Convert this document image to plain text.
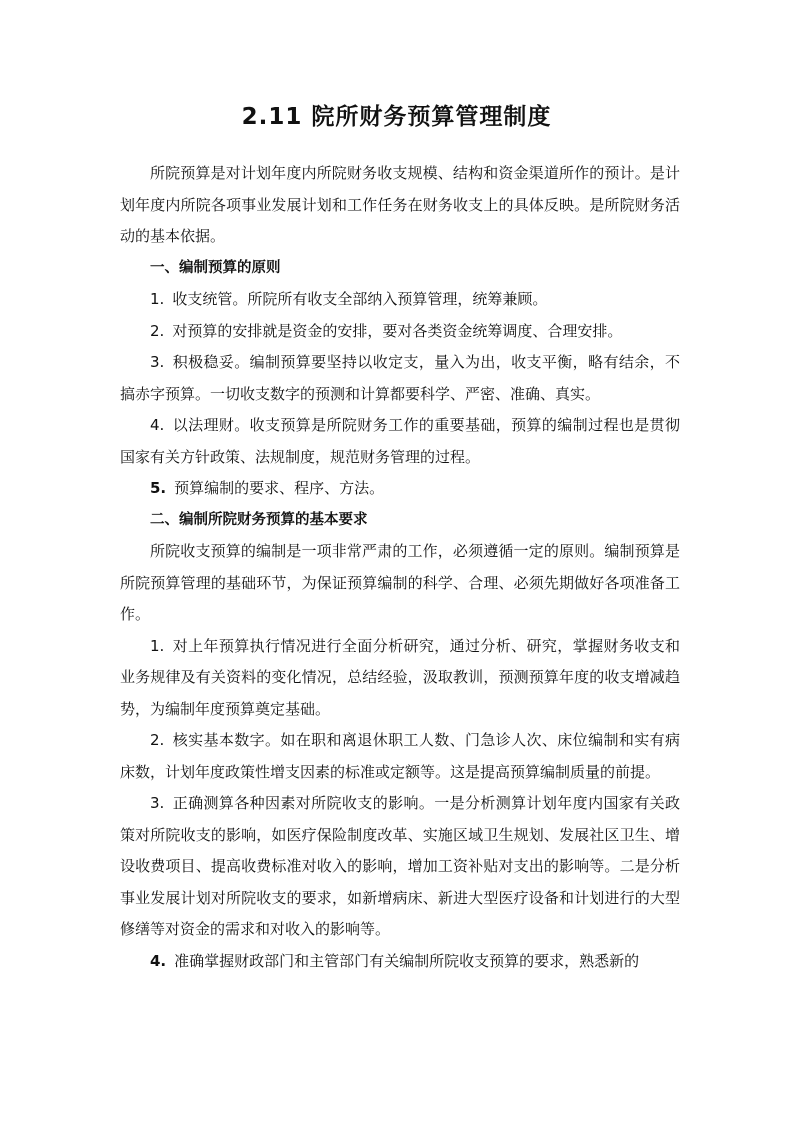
2.11 院所财务预算管理制度

所院预算是对计划年度内所院财务收支规模、结构和资金渠道所作的预计。是计划年度内所院各项事业发展计划和工作任务在财务收支上的具体反映。是所院财务活动的基本依据。

一、编制预算的原则

1. 收支统管。所院所有收支全部纳入预算管理，统筹兼顾。

2. 对预算的安排就是资金的安排，要对各类资金统筹调度、合理安排。

3. 积极稳妥。编制预算要坚持以收定支，量入为出，收支平衡，略有结余，不搞赤字预算。一切收支数字的预测和计算都要科学、严密、准确、真实。

4. 以法理财。收支预算是所院财务工作的重要基础，预算的编制过程也是贯彻国家有关方针政策、法规制度，规范财务管理的过程。

5. 预算编制的要求、程序、方法。

二、编制所院财务预算的基本要求

所院收支预算的编制是一项非常严肃的工作，必须遵循一定的原则。编制预算是所院预算管理的基础环节，为保证预算编制的科学、合理、必须先期做好各项准备工作。

1. 对上年预算执行情况进行全面分析研究，通过分析、研究，掌握财务收支和业务规律及有关资料的变化情况，总结经验，汲取教训，预测预算年度的收支增减趋势，为编制年度预算奠定基础。

2. 核实基本数字。如在职和离退休职工人数、门急诊人次、床位编制和实有病床数，计划年度政策性增支因素的标准或定额等。这是提高预算编制质量的前提。

3. 正确测算各种因素对所院收支的影响。一是分析测算计划年度内国家有关政策对所院收支的影响，如医疗保险制度改革、实施区域卫生规划、发展社区卫生、增设收费项目、提高收费标准对收入的影响，增加工资补贴对支出的影响等。二是分析事业发展计划对所院收支的要求，如新增病床、新进大型医疗设备和计划进行的大型修缮等对资金的需求和对收入的影响等。

4. 准确掌握财政部门和主管部门有关编制所院收支预算的要求，熟悉新的
